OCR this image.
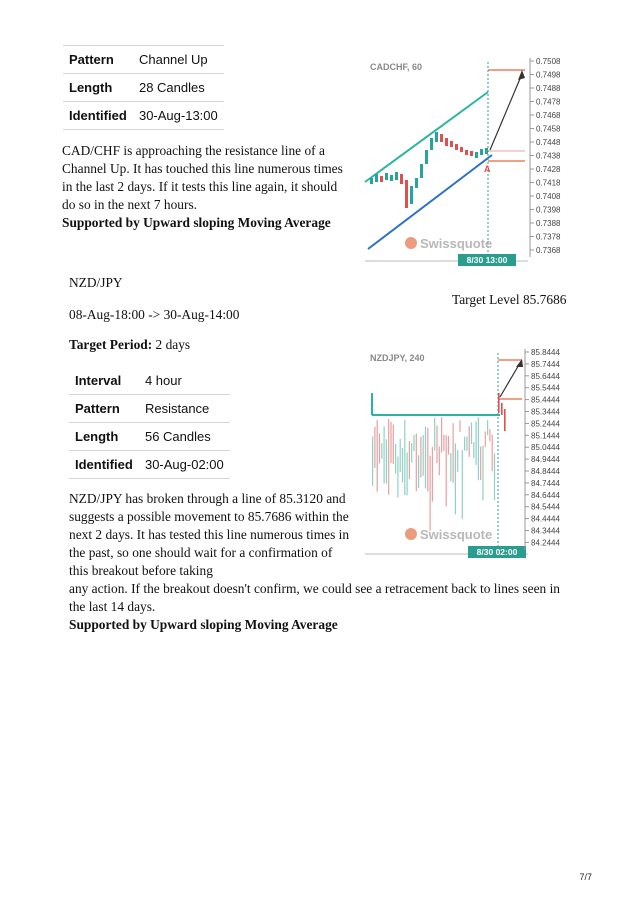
Pattern	Channel Up
Length	28 Candles
Identified	30-Aug-13:00

CAD/CHF is approaching the resistance line of a Channel Up. It has touched this line numerous times in the last 2 days. If it tests this line again, it should do so in the next 7 hours.

Supported by Upward sloping Moving Average

CADCHF, 60
A
Swissquote
8/30 13:00
0.7508
0.7498
0.7488
0.7478
0.7468
0.7458
0.7448
0.7438
0.7428
0.7418
0.7408
0.7398
0.7388
0.7378
0.7368

NZD/JPY

Target Level 85.7686

08-Aug-18:00 -> 30-Aug-14:00

Target Period: 2 days

Interval	4 hour
Pattern	Resistance
Length	56 Candles
Identified	30-Aug-02:00

NZD/JPY has broken through a line of 85.3120 and suggests a possible movement to 85.7686 within the next 2 days. It has tested this line numerous times in the past, so one should wait for a confirmation of this breakout before taking

any action. If the breakout doesn't confirm, we could see a retracement back to lines seen in the last 14 days.

Supported by Upward sloping Moving Average

NZDJPY, 240
Swissquote
8/30 02:00
85.8444
85.7444
85.6444
85.5444
85.4444
85.3444
85.2444
85.1444
85.0444
84.9444
84.8444
84.7444
84.6444
84.5444
84.4444
84.3444
84.2444
7/7
